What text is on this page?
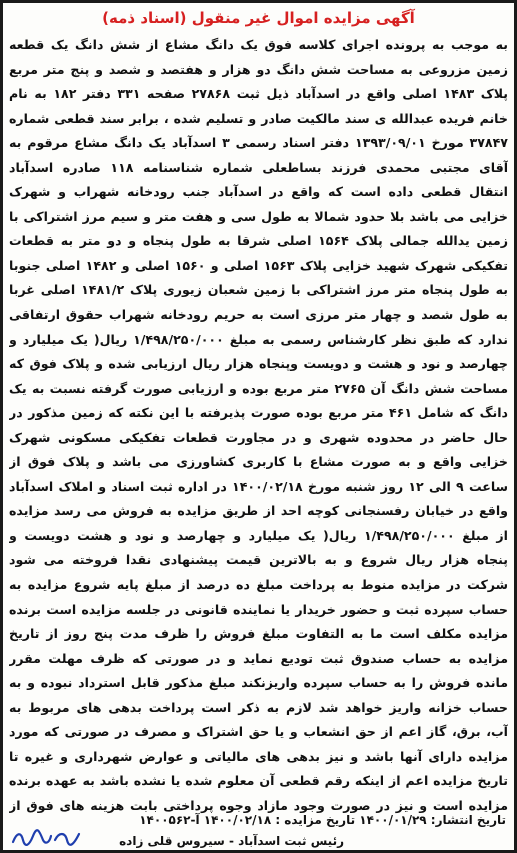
آگهی مزایده اموال غیر منقول (اسناد ذمه)

به موجب به پرونده اجرای کلاسه فوق یک دانگ مشاع از شش دانگ یک قطعه زمین مزروعی به مساحت شش دانگ دو هزار و هفتصد و شصد و پنج متر مربع پلاک ۱۴۸۳ اصلی واقع در اسدآباد ذیل ثبت ۲۷۸۶۸ صفحه ۳۳۱ دفتر ۱۸۲ به نام خانم فریده عبدالله ی سند مالکیت صادر و تسلیم شده ، برابر سند قطعی شماره ۳۷۸۴۷ مورخ ۱۳۹۳/۰۹/۰۱ دفتر اسناد رسمی ۳ اسدآباد یک دانگ مشاع مرقوم به آقای مجتبی محمدی فرزند بساطعلی شماره شناسنامه ۱۱۸ صادره اسدآباد انتقال قطعی داده است که واقع در اسدآباد جنب رودخانه شهراب و شهرک خزایی می باشد بلا حدود شمالا به طول سی و هفت متر و سیم مرز اشتراکی با زمین یدالله جمالی پلاک ۱۵۶۴ اصلی شرقا به طول پنجاه و دو متر به قطعات تفکیکی شهرک شهید خزایی پلاک ۱۵۶۳ اصلی و ۱۵۶۰ اصلی و ۱۴۸۲ اصلی جنوبا به طول پنجاه متر مرز اشتراکی با زمین شعبان زیوری پلاک ۱۴۸۱/۲ اصلی غربا به طول شصد و چهار متر مرزی است به حریم رودخانه شهراب حقوق ارتفاقی ندارد که طبق نظر کارشناس رسمی به مبلغ ۱/۴۹۸/۲۵۰/۰۰۰ ریال( یک میلیارد و چهارصد و نود و هشت و دویست وپنجاه هزار ریال ارزیابی شده و پلاک فوق که مساحت شش دانگ آن ۲۷۶۵ متر مربع بوده و ارزیابی صورت گرفته نسبت به یک دانگ که شامل ۴۶۱ متر مربع بوده صورت پذیرفته با این نکته که زمین مذکور در حال حاضر در محدوده شهری و در مجاورت قطعات تفکیکی مسکونی شهرک خزایی واقع و به صورت مشاع با کاربری کشاورزی می باشد و پلاک فوق از ساعت ۹ الی ۱۲ روز شنبه مورخ ۱۴۰۰/۰۲/۱۸ در اداره ثبت اسناد و املاک اسدآباد واقع در خیابان رفسنجانی کوچه احد از طریق مزایده به فروش می رسد مزایده از مبلغ ۱/۴۹۸/۲۵۰/۰۰۰ ریال( یک میلیارد و چهارصد و نود و هشت دویست و پنجاه هزار ریال شروع و به بالاترین قیمت پیشنهادی نقدا فروخته می شود شرکت در مزایده منوط به پرداخت مبلغ ده درصد از مبلغ پایه شروع مزایده به حساب سپرده ثبت و حضور خریدار یا نماینده قانونی در جلسه مزایده است برنده مزایده مکلف است ما به التفاوت مبلغ فروش را ظرف مدت پنج روز از تاریخ مزایده به حساب صندوق ثبت تودیع نماید و در صورتی که ظرف مهلت مقرر مانده فروش را به حساب سپرده واریزنکند مبلغ مذکور قابل استرداد نبوده و به حساب خزانه واریز خواهد شد لازم به ذکر است پرداخت بدهی های مربوط به آب، برق، گاز اعم از حق انشعاب و یا حق اشتراک و مصرف در صورتی که مورد مزایده دارای آنها باشد و نیز بدهی های مالیاتی و عوارض شهرداری و غیره تا تاریخ مزایده اعم از اینکه رقم قطعی آن معلوم شده یا نشده باشد به عهده برنده مزایده است و نیز در صورت وجود مازاد وجوه پرداختی بابت هزینه های فوق از

تاریخ انتشار: ۱۴۰۰/۰۱/۲۹ تاریخ مزایده : ۱۴۰۰/۰۲/۱۸ آ-۱۴۰۰۵۶۲
رئیس ثبت اسدآباد - سیروس قلی زاده
